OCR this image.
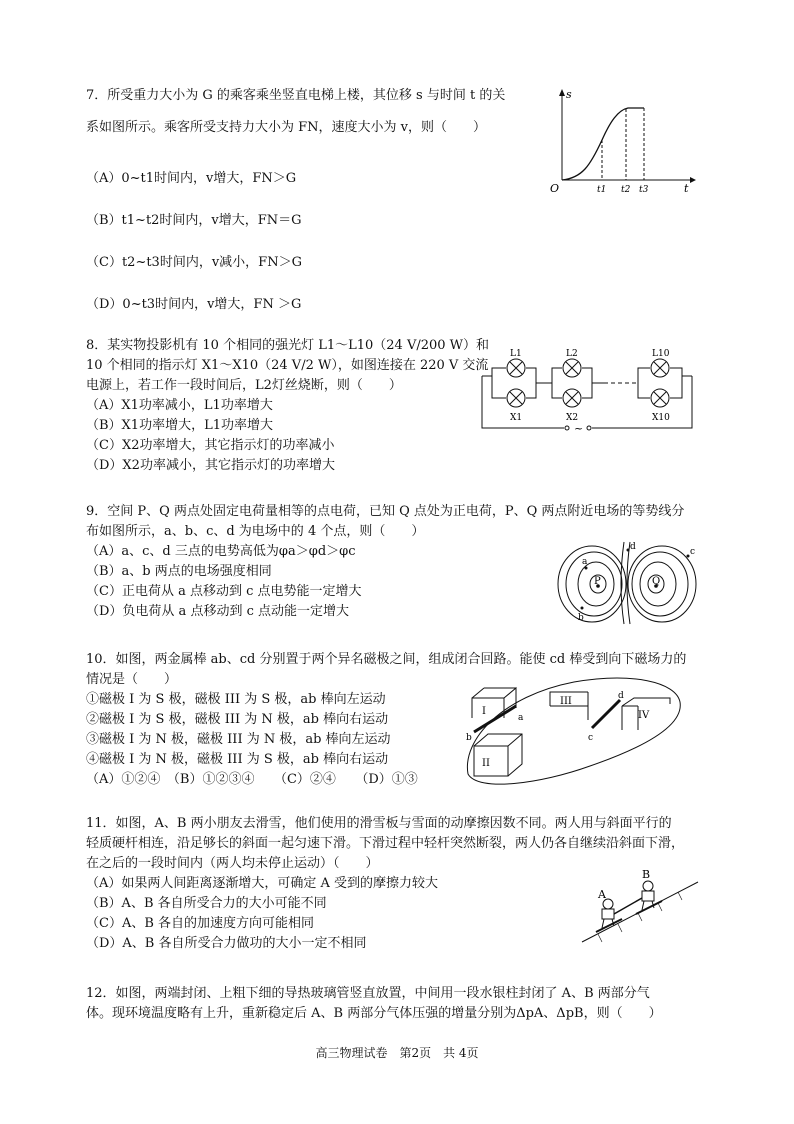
7．所受重力大小为 G 的乘客乘坐竖直电梯上楼，其位移 s 与时间 t 的关
系如图所示。乘客所受支持力大小为 FN，速度大小为 v，则（　　）
（A）0~t1时间内，v增大，FN＞G
（B）t1~t2时间内，v增大，FN＝G
（C）t2~t3时间内，v减小，FN＞G
（D）0~t3时间内，v增大，FN ＞G
s
t
O	t1 t2 t3
8．某实物投影机有 10 个相同的强光灯 L1～L10（24 V/200 W）和
10 个相同的指示灯 X1～X10（24 V/2 W），如图连接在 220 V 交流
电源上，若工作一段时间后，L2灯丝烧断，则（　　）
（A）X1功率减小，L1功率增大
（B）X1功率增大，L1功率增大
（C）X2功率增大，其它指示灯的功率减小
（D）X2功率减小，其它指示灯的功率增大
~
L1	L2	L10
X1	X2	X10
9．空间 P、Q 两点处固定电荷量相等的点电荷，已知 Q 点处为正电荷，P、Q 两点附近电场的等势线分
布如图所示，a、b、c、d 为电场中的 4 个点，则（　　）
（A）a、c、d 三点的电势高低为φa＞φd＞φc
（B）a、b 两点的电场强度相同
（C）正电荷从 a 点移动到 c 点电势能一定增大
（D）负电荷从 a 点移动到 c 点动能一定增大
P	Q
a
b
c
d
10．如图，两金属棒 ab、cd 分别置于两个异名磁极之间，组成闭合回路。能使 cd 棒受到向下磁场力的
情况是（　　）
①磁极 I 为 S 极，磁极 III 为 S 极，ab 棒向左运动
②磁极 I 为 S 极，磁极 III 为 N 极，ab 棒向右运动
③磁极 I 为 N 极，磁极 III 为 N 极，ab 棒向左运动
④磁极 I 为 N 极，磁极 III 为 S 极，ab 棒向右运动
（A）①②④　（B）①②③④　　（C）②④　　（D）①③
I
II
III
IV
a
b	c
d
11．如图，A、B 两小朋友去滑雪，他们使用的滑雪板与雪面的动摩擦因数不同。两人用与斜面平行的
轻质硬杆相连，沿足够长的斜面一起匀速下滑。下滑过程中轻杆突然断裂，两人仍各自继续沿斜面下滑，
在之后的一段时间内（两人均未停止运动）（　　）
（A）如果两人间距离逐渐增大，可确定 A 受到的摩擦力较大
（B）A、B 各自所受合力的大小可能不同
（C）A、B 各自的加速度方向可能相同
（D）A、B 各自所受合力做功的大小一定不相同
A
B
12．如图，两端封闭、上粗下细的导热玻璃管竖直放置，中间用一段水银柱封闭了 A、B 两部分气
体。现环境温度略有上升，重新稳定后 A、B 两部分气体压强的增量分别为ΔpA、ΔpB，则（　　）
高三物理试卷　第2页　共 4页
